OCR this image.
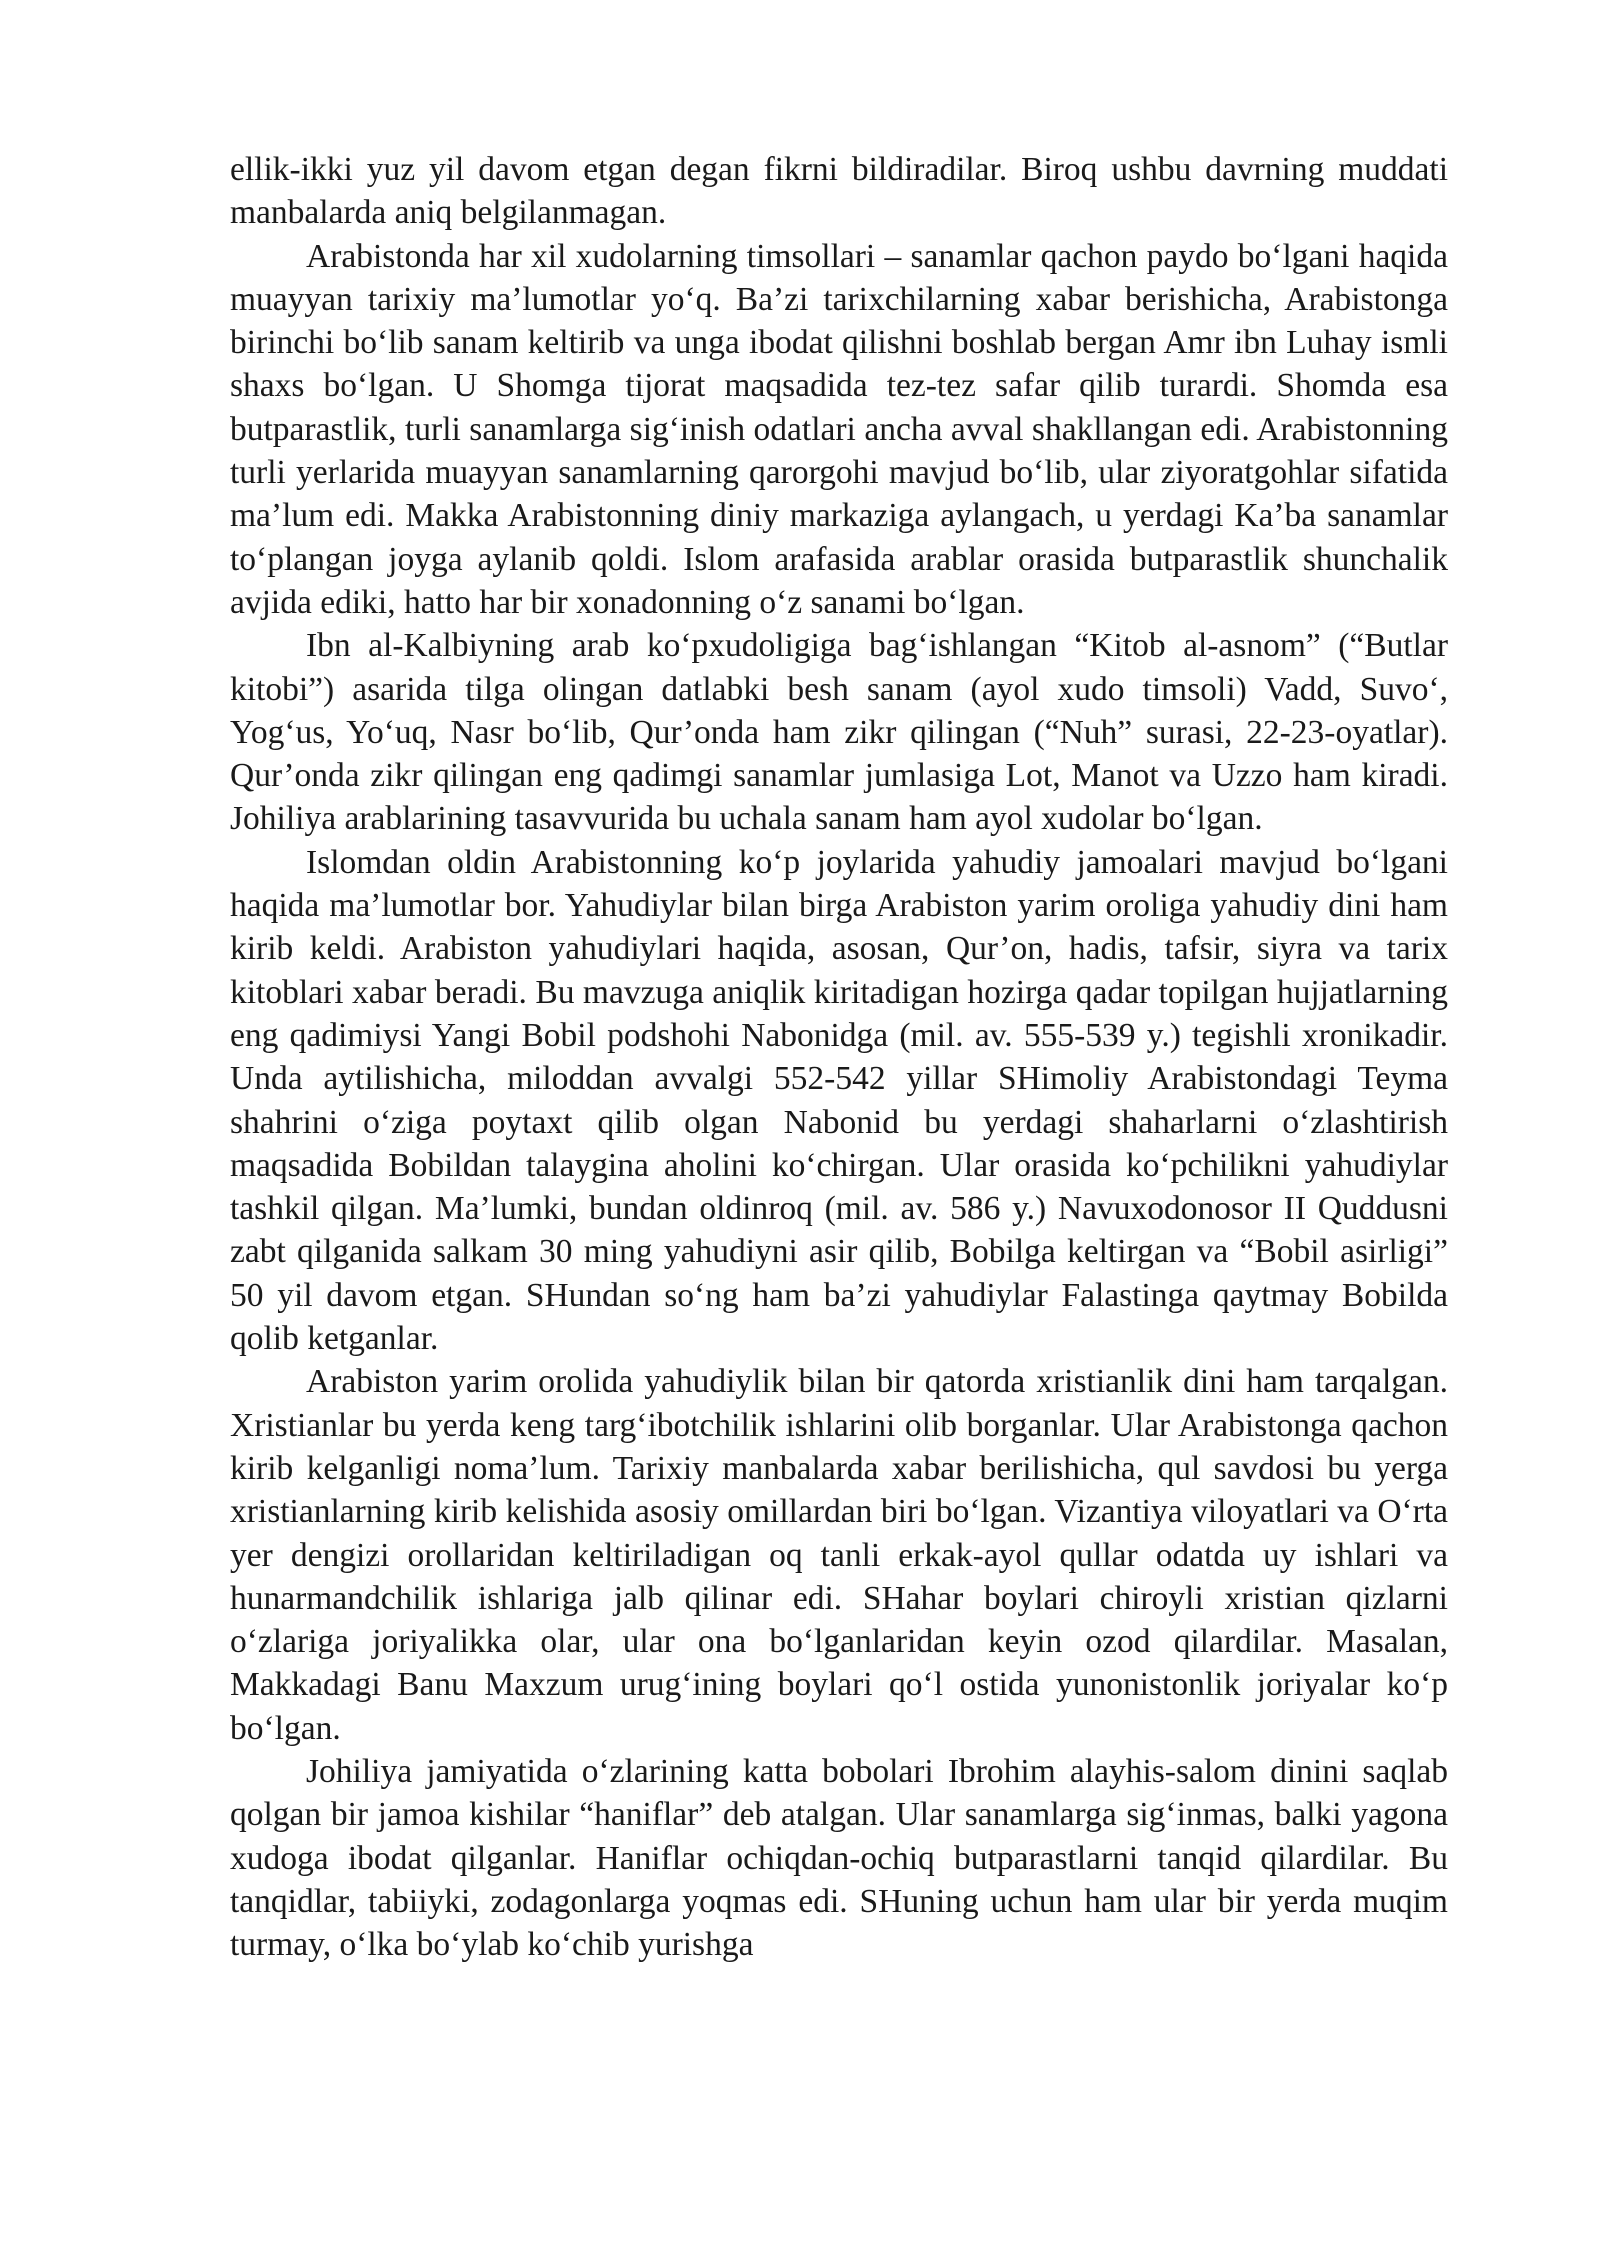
ellik-ikki yuz yil davom etgan degan fikrni bildiradilar. Biroq ushbu davrning muddati manbalarda aniq belgilanmagan.

Arabistonda har xil xudolarning timsollari – sanamlar qachon paydo bo‘lgani haqida muayyan tarixiy ma’lumotlar yo‘q. Ba’zi tarixchilarning xabar berishicha, Arabistonga birinchi bo‘lib sanam keltirib va unga ibodat qilishni boshlab bergan Amr ibn Luhay ismli shaxs bo‘lgan. U Shomga tijorat maqsadida tez-tez safar qilib turardi. Shomda esa butparastlik, turli sanamlarga sig‘inish odatlari ancha avval shakllangan edi. Arabistonning turli yerlarida muayyan sanamlarning qarorgohi mavjud bo‘lib, ular ziyoratgohlar sifatida ma’lum edi. Makka Arabistonning diniy markaziga aylangach, u yerdagi Ka’ba sanamlar to‘plangan joyga aylanib qoldi. Islom arafasida arablar orasida butparastlik shunchalik avjida ediki, hatto har bir xonadonning o‘z sanami bo‘lgan.

Ibn al-Kalbiyning arab ko‘pxudoligiga bag‘ishlangan “Kitob al-asnom” (“Butlar kitobi”) asarida tilga olingan datlabki besh sanam (ayol xudo timsoli) Vadd, Suvo‘, Yog‘us, Yo‘uq, Nasr bo‘lib, Qur’onda ham zikr qilingan (“Nuh” surasi, 22-23-oyatlar). Qur’onda zikr qilingan eng qadimgi sanamlar jumlasiga Lot, Manot va Uzzo ham kiradi. Johiliya arablarining tasavvurida bu uchala sanam ham ayol xudolar bo‘lgan.

Islomdan oldin Arabistonning ko‘p joylarida yahudiy jamoalari mavjud bo‘lgani haqida ma’lumotlar bor. Yahudiylar bilan birga Arabiston yarim oroliga yahudiy dini ham kirib keldi. Arabiston yahudiylari haqida, asosan, Qur’on, hadis, tafsir, siyra va tarix kitoblari xabar beradi. Bu mavzuga aniqlik kiritadigan hozirga qadar topilgan hujjatlarning eng qadimiysi Yangi Bobil podshohi Nabonidga (mil. av. 555-539 y.) tegishli xronikadir. Unda aytilishicha, miloddan avvalgi 552-542 yillar SHimoliy Arabistondagi Teyma shahrini o‘ziga poytaxt qilib olgan Nabonid bu yerdagi shaharlarni o‘zlashtirish maqsadida Bobildan talaygina aholini ko‘chirgan. Ular orasida ko‘pchilikni yahudiylar tashkil qilgan. Ma’lumki, bundan oldinroq (mil. av. 586 y.) Navuxodonosor II Quddusni zabt qilganida salkam 30 ming yahudiyni asir qilib, Bobilga keltirgan va “Bobil asirligi” 50 yil davom etgan. SHundan so‘ng ham ba’zi yahudiylar Falastinga qaytmay Bobilda qolib ketganlar.

Arabiston yarim orolida yahudiylik bilan bir qatorda xristianlik dini ham tarqalgan. Xristianlar bu yerda keng targ‘ibotchilik ishlarini olib borganlar. Ular Arabistonga qachon kirib kelganligi noma’lum. Tarixiy manbalarda xabar berilishicha, qul savdosi bu yerga xristianlarning kirib kelishida asosiy omillardan biri bo‘lgan. Vizantiya viloyatlari va O‘rta yer dengizi orollaridan keltiriladigan oq tanli erkak-ayol qullar odatda uy ishlari va hunarmandchilik ishlariga jalb qilinar edi. SHahar boylari chiroyli xristian qizlarni o‘zlariga joriyalikka olar, ular ona bo‘lganlaridan keyin ozod qilardilar. Masalan, Makkadagi Banu Maxzum urug‘ining boylari qo‘l ostida yunonistonlik joriyalar ko‘p bo‘lgan.

Johiliya jamiyatida o‘zlarining katta bobolari Ibrohim alayhis-salom dinini saqlab qolgan bir jamoa kishilar “haniflar” deb atalgan. Ular sanamlarga sig‘inmas, balki yagona xudoga ibodat qilganlar. Haniflar ochiqdan-ochiq butparastlarni tanqid qilardilar. Bu tanqidlar, tabiiyki, zodagonlarga yoqmas edi. SHuning uchun ham ular bir yerda muqim turmay, o‘lka bo‘ylab ko‘chib yurishga
